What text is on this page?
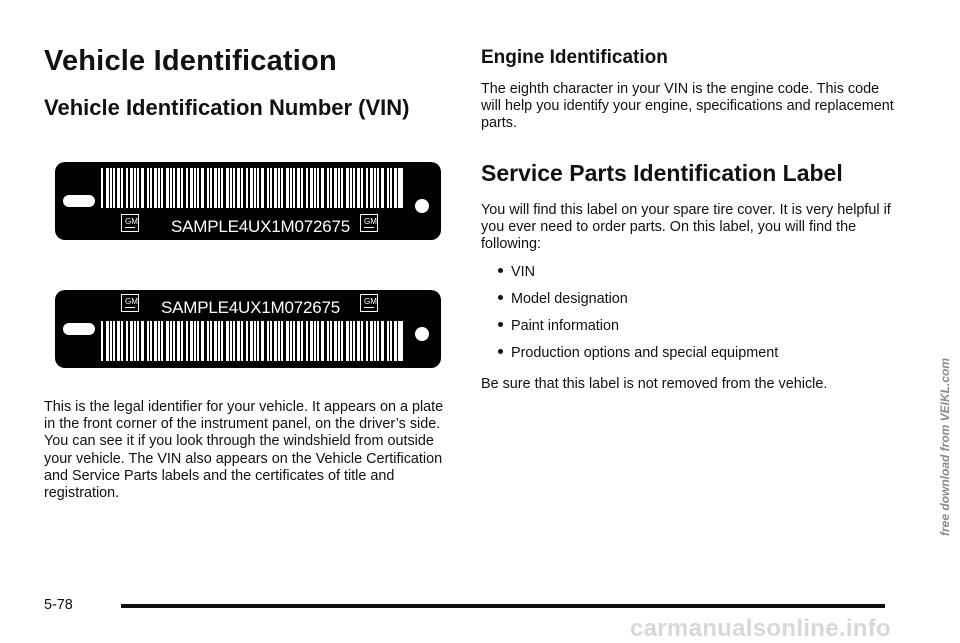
Vehicle Identification
Vehicle Identification Number (VIN)
GM SAMPLE4UX1M072675 GM
GM SAMPLE4UX1M072675	GM

This is the legal identifier for your vehicle. It appears on a plate in the front corner of the instrument panel, on the driver’s side. You can see it if you look through the windshield from outside your vehicle. The VIN also appears on the Vehicle Certification and Service Parts labels and the certificates of title and registration.

Engine Identification

The eighth character in your VIN is the engine code. This code will help you identify your engine, specifications and replacement parts.

Service Parts Identification Label

You will find this label on your spare tire cover. It is very helpful if you ever need to order parts. On this label, you will find the following:

VIN
Model designation
Paint information
Production options and special equipment

Be sure that this label is not removed from the vehicle.

5-78
carmanualsonline.info
free download from VEIKL.com
